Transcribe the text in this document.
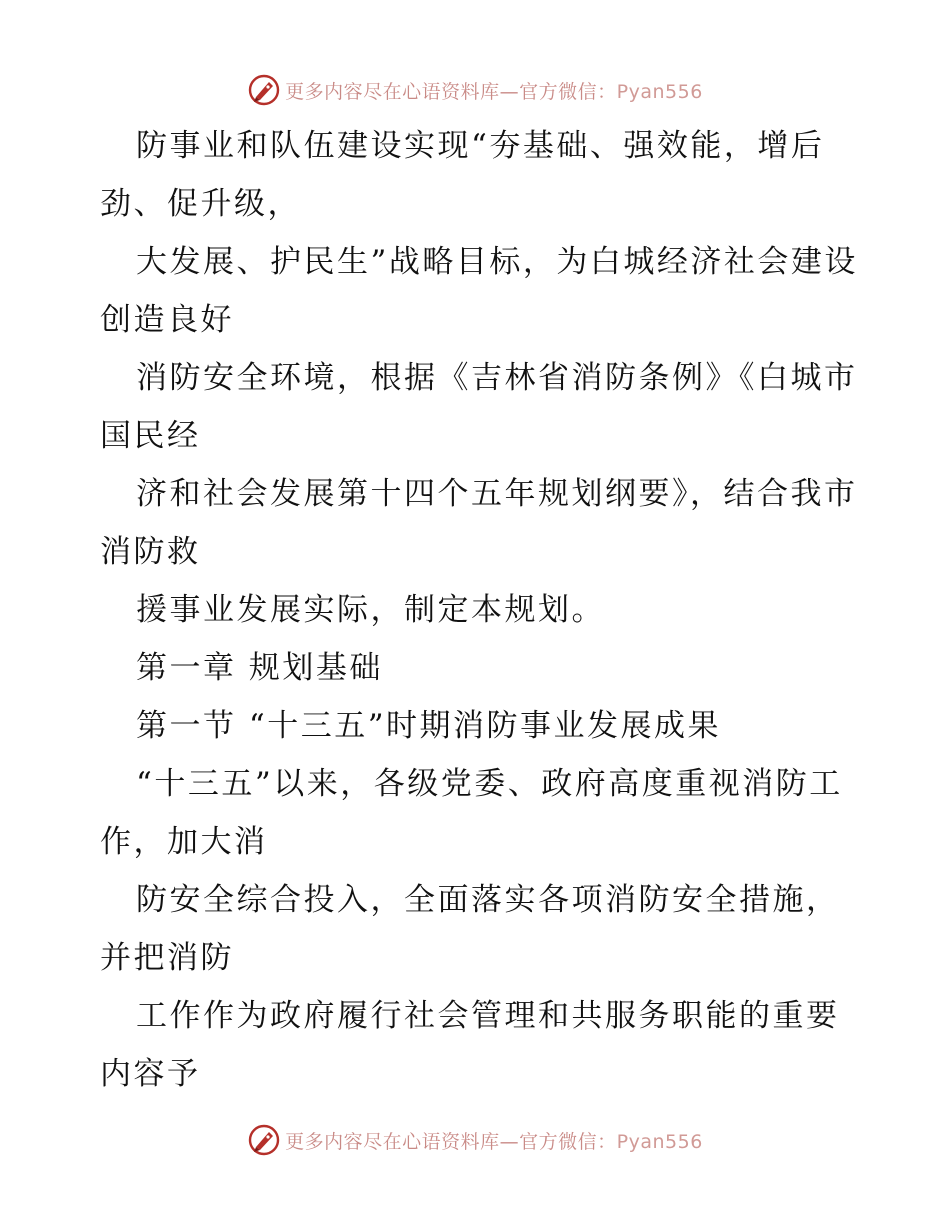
更多内容尽在心语资料库—官方微信：Pyan556

防事业和队伍建设实现“夯基础、强效能，增后劲、促升级，

大发展、护民生”战略目标，为白城经济社会建设创造良好

消防安全环境，根据《吉林省消防条例》《白城市国民经

济和社会发展第十四个五年规划纲要》，结合我市消防救

援事业发展实际，制定本规划。

第一章 规划基础

第一节 “十三五”时期消防事业发展成果

“十三五”以来，各级党委、政府高度重视消防工作，加大消

防安全综合投入，全面落实各项消防安全措施，并把消防

工作作为政府履行社会管理和共服务职能的重要内容予

更多内容尽在心语资料库—官方微信：Pyan556
